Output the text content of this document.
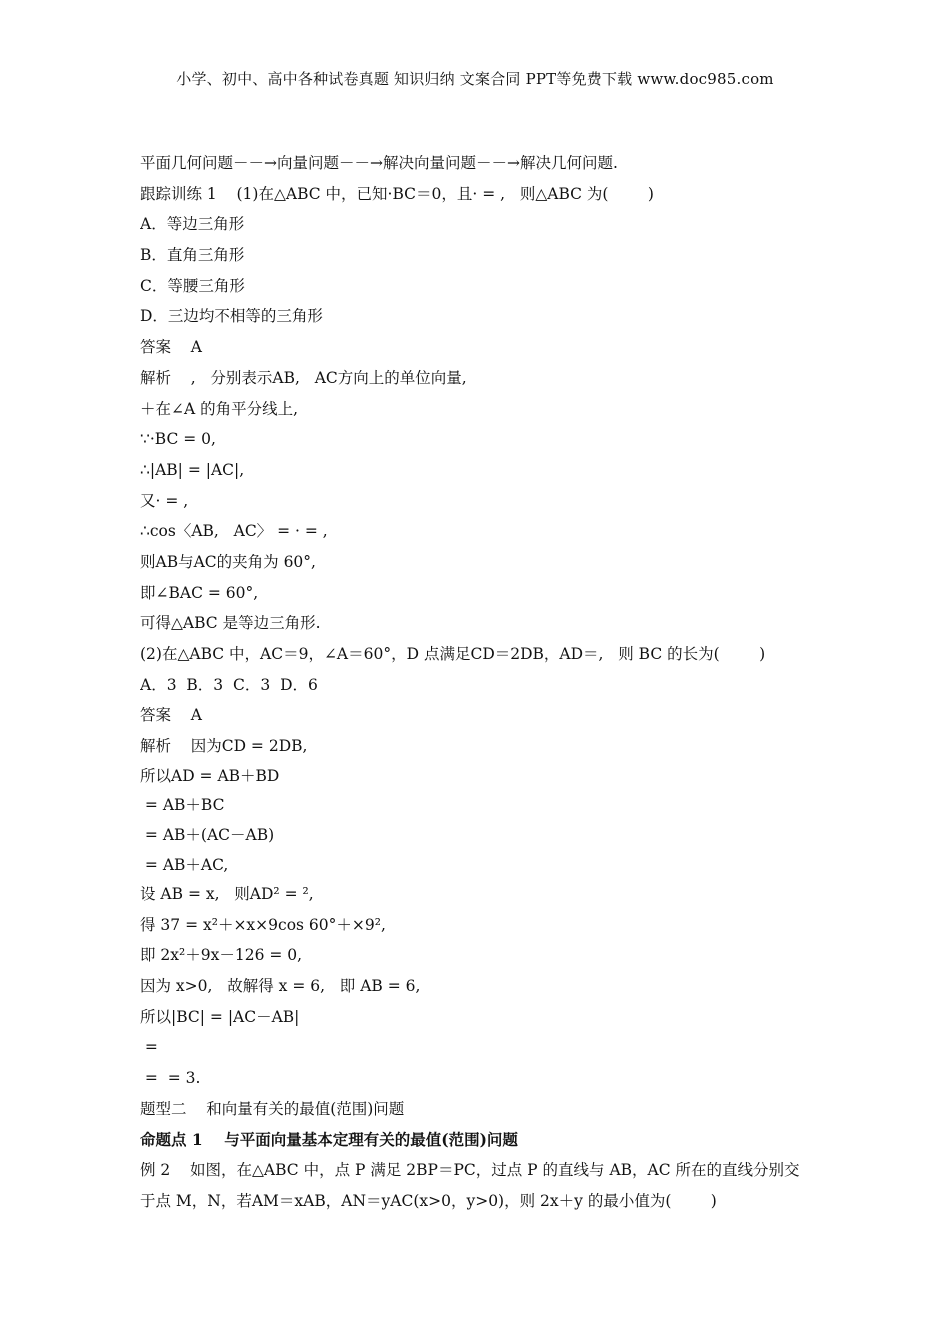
小学、初中、高中各种试卷真题 知识归纳 文案合同 PPT等免费下载 www.doc985.com
平面几何问题－－→向量问题－－→解决向量问题－－→解决几何问题.
跟踪训练 1    (1)在△ABC 中，已知·BC＝0，且· = ,   则△ABC 为(        )
A．等边三角形
B．直角三角形
C．等腰三角形
D．三边均不相等的三角形
答案    A
解析    ,   分别表示AB,   AC方向上的单位向量,
＋在∠A 的角平分线上,
∵·BC = 0,
∴|AB| = |AC|,
又· = ,
∴cos〈AB,   AC〉 = · = ,
则AB与AC的夹角为 60°,
即∠BAC = 60°,
可得△ABC 是等边三角形.
(2)在△ABC 中，AC＝9，∠A＝60°，D 点满足CD＝2DB，AD＝,   则 BC 的长为(        )
A．3  B．3  C．3  D．6
答案    A
解析    因为CD = 2DB,
所以AD = AB＋BD
= AB＋BC
= AB＋(AC－AB)
= AB＋AC,
设 AB = x,   则AD² = ²,
得 37 = x²＋×x×9cos 60°＋×9²,
即 2x²＋9x－126 = 0,
因为 x>0,   故解得 x = 6,   即 AB = 6,
所以|BC| = |AC－AB|
=
=  = 3.
题型二    和向量有关的最值(范围)问题
命题点 1    与平面向量基本定理有关的最值(范围)问题
例 2    如图，在△ABC 中，点 P 满足 2BP＝PC，过点 P 的直线与 AB，AC 所在的直线分别交
于点 M，N，若AM＝xAB，AN＝yAC(x>0，y>0)，则 2x＋y 的最小值为(        )
